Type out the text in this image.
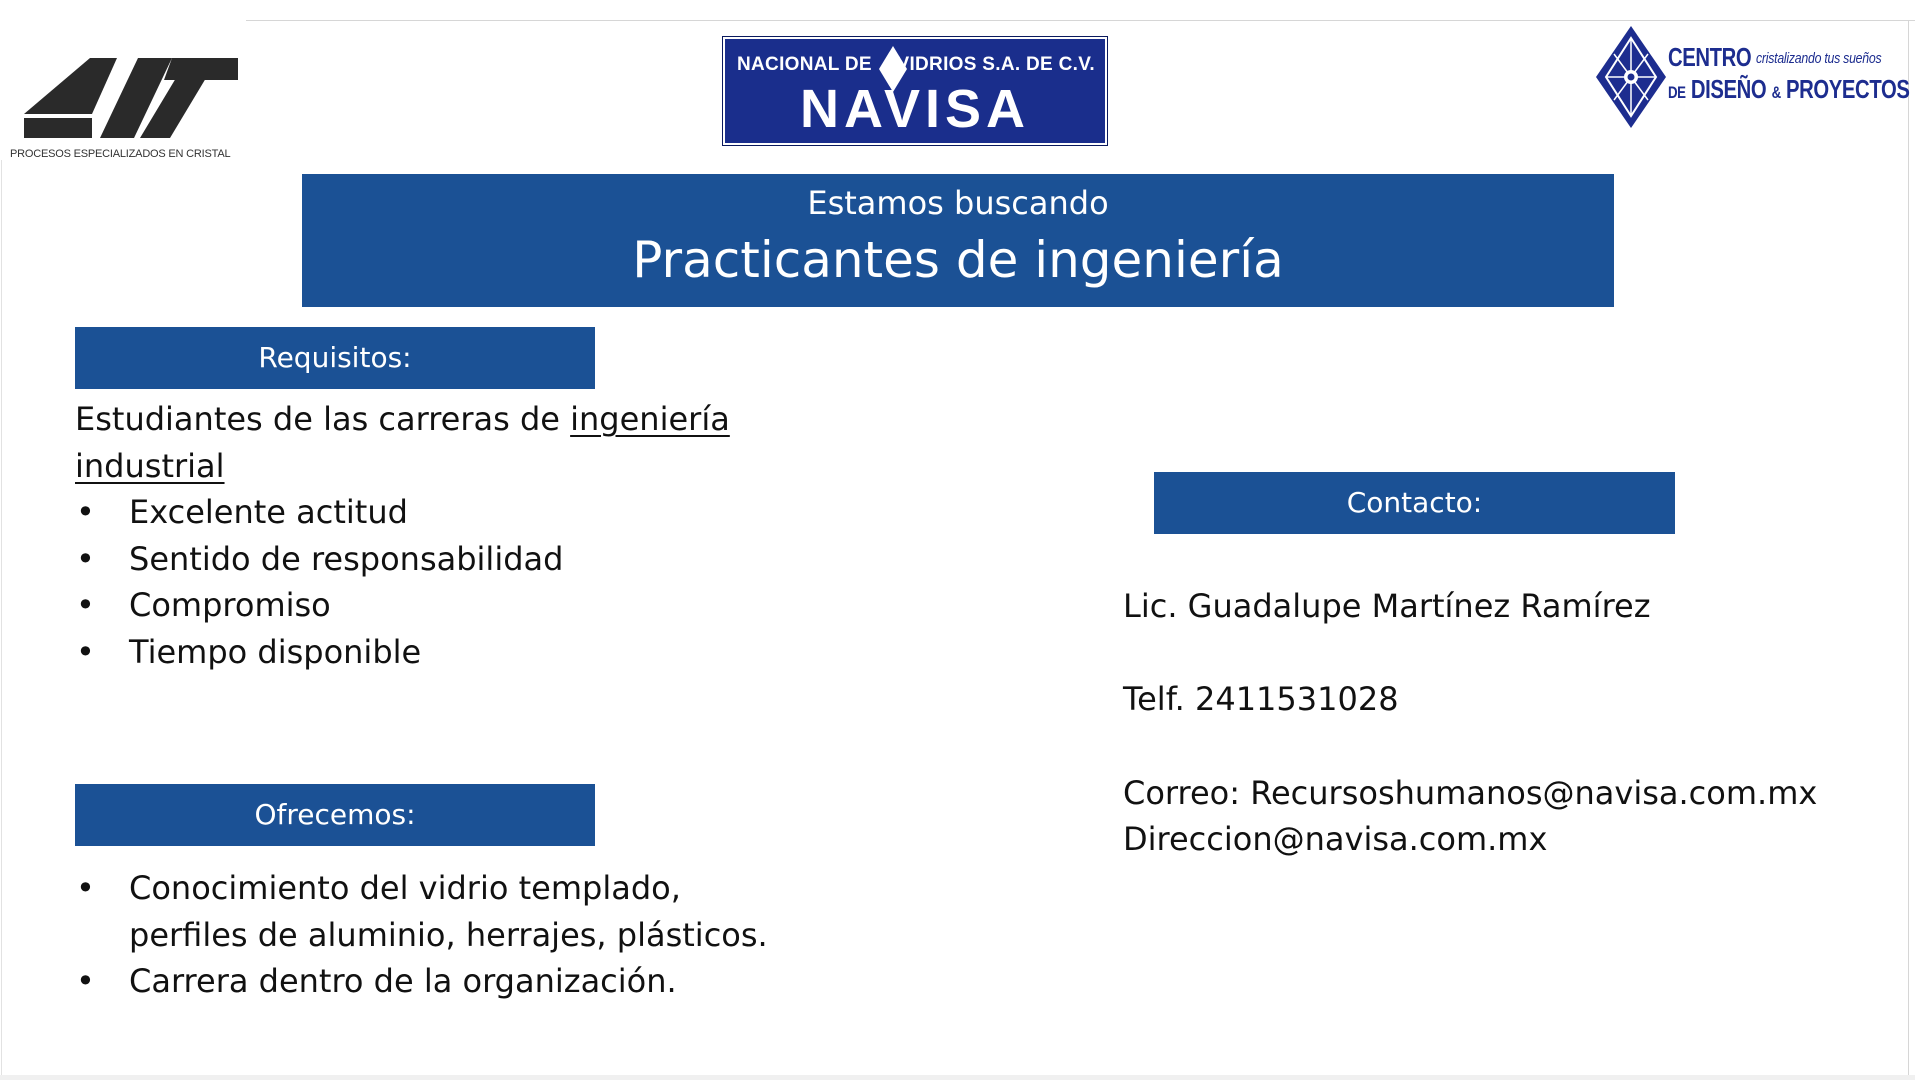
PROCESOS ESPECIALIZADOS EN CRISTAL
NACIONAL DE VIDRIOS S.A. DE C.V.
NAVISA
CENTRO cristalizando tus sueños
DE DISEÑO & PROYECTOS
Estamos buscando
Practicantes de ingeniería
Requisitos:
Estudiantes de las carreras de ingeniería
industrial
• Excelente actitud
• Sentido de responsabilidad
• Compromiso
• Tiempo disponible
Ofrecemos:
• Conocimiento del vidrio templado,
perfiles de aluminio, herrajes, plásticos.
• Carrera dentro de la organización.
Contacto:
Lic. Guadalupe Martínez Ramírez
Telf. 2411531028
Correo: Recursoshumanos@navisa.com.mx
Direccion@navisa.com.mx
